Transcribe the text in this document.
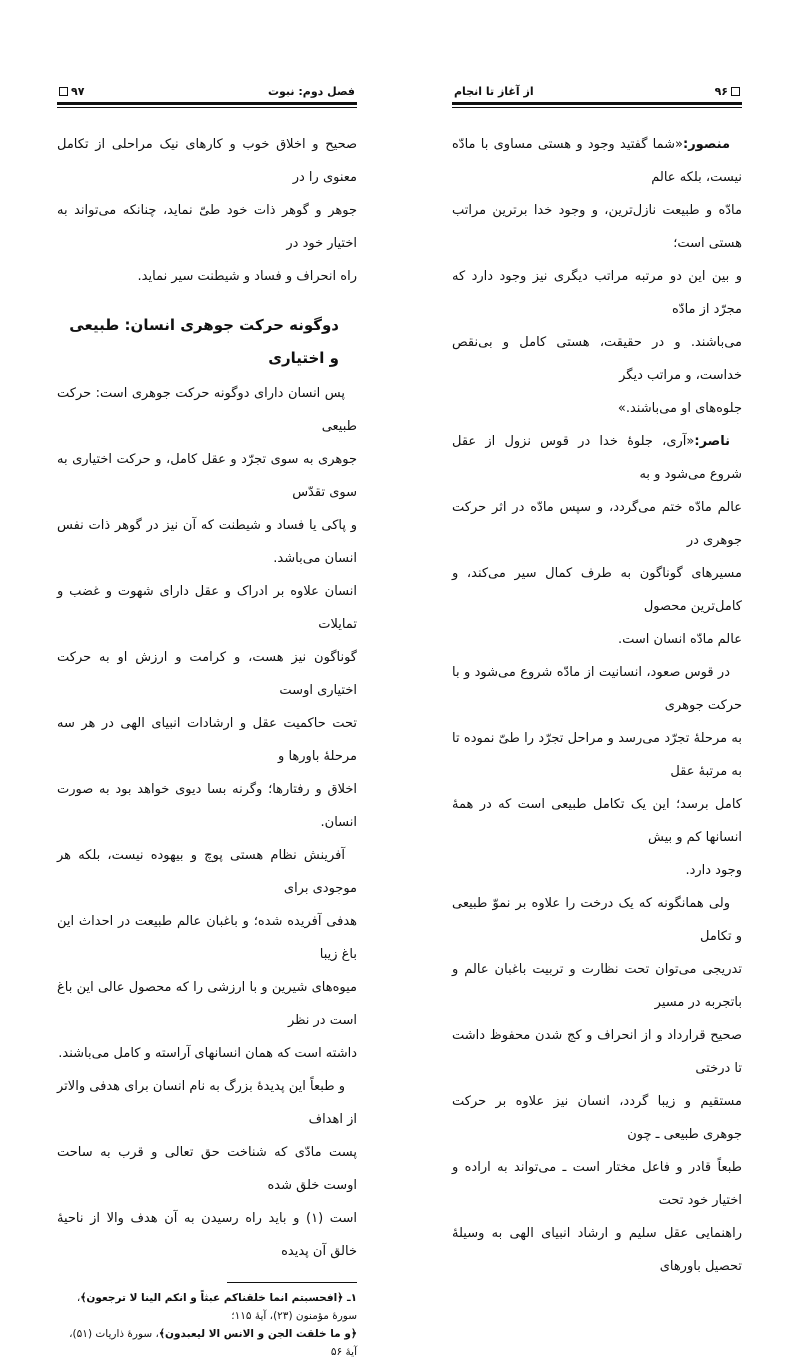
فصل دوم: نبوت
۹۷

صحیح و اخلاق خوب و کارهای نیک مراحلی از تکامل معنوی را در

جوهر و گوهر ذات خود طیّ نماید، چنانکه می‌تواند به اختیار خود در

راه انحراف و فساد و شیطنت سیر نماید.

دوگونه حرکت جوهری انسان: طبیعی و اختیاری

پس انسان دارای دوگونه حرکت جوهری است: حرکت طبیعی

جوهری به سوی تجرّد و عقل کامل، و حرکت اختیاری به سوی تقدّس

و پاکی یا فساد و شیطنت که آن نیز در گوهر ذات نفس انسان می‌باشد.

انسان علاوه بر ادراک و عقل دارای شهوت و غضب و تمایلات

گوناگون نیز هست، و کرامت و ارزش او به حرکت اختیاری اوست

تحت حاکمیت عقل و ارشادات انبیای الهی در هر سه مرحلهٔ باورها و

اخلاق و رفتارها؛ وگرنه بسا دیوی خواهد بود به صورت انسان.

آفرینش نظام هستی پوچ و بیهوده نیست، بلکه هر موجودی برای

هدفی آفریده شده؛ و باغبان عالم طبیعت در احداث این باغ زیبا

میوه‌های شیرین و با ارزشی را که محصول عالی این باغ است در نظر

داشته است که همان انسانهای آراسته و کامل می‌باشند.

و طبعاً این پدیدهٔ بزرگ به نام انسان برای هدفی والاتر از اهداف

پست مادّی که شناخت حق تعالی و قرب به ساحت اوست خلق شده

است (۱) و باید راه رسیدن به آن هدف والا از ناحیهٔ خالق آن پدیده

۱ـ ﴿افحسبتم انما خلقناکم عبثاً و انکم الینا لا ترجعون﴾، سورهٔ مؤمنون (۲۳)، آیهٔ ۱۱۵؛
﴿و ما خلقت الجن و الانس الا لیعبدون﴾، سورهٔ ذاریات (۵۱)، آیهٔ ۵۶
۹۶
از آغاز تا انجام

منصور:«شما گفتید وجود و هستی مساوی با مادّه نیست، بلکه عالم

مادّه و طبیعت نازل‌ترین، و وجود خدا برترین مراتب هستی است؛

و بین این دو مرتبه مراتب دیگری نیز وجود دارد که مجرّد از مادّه

می‌باشند. و در حقیقت، هستی کامل و بی‌نقص خداست، و مراتب دیگر

جلوه‌های او می‌باشند.»

ناصر:«آری، جلوهٔ خدا در قوس نزول از عقل شروع می‌شود و به

عالم مادّه ختم می‌گردد، و سپس مادّه در اثر حرکت جوهری در

مسیرهای گوناگون به طرف کمال سیر می‌کند، و کامل‌ترین محصول

عالم مادّه انسان است.

در قوس صعود، انسانیت از مادّه شروع می‌شود و با حرکت جوهری

به مرحلهٔ تجرّد می‌رسد و مراحل تجرّد را طیّ نموده تا به مرتبهٔ عقل

کامل برسد؛ این یک تکامل طبیعی است که در همهٔ انسانها کم و بیش

وجود دارد.

ولی همانگونه که یک درخت را علاوه بر نموّ طبیعی و تکامل

تدریجی می‌توان تحت نظارت و تربیت باغبان عالم و باتجربه در مسیر

صحیح قرارداد و از انحراف و کج شدن محفوظ داشت تا درختی

مستقیم و زیبا گردد، انسان نیز علاوه بر حرکت جوهری طبیعی ـ چون

طبعاً قادر و فاعل مختار است ـ می‌تواند به اراده و اختیار خود تحت

راهنمایی عقل سلیم و ارشاد انبیای الهی به وسیلهٔ تحصیل باورهای
